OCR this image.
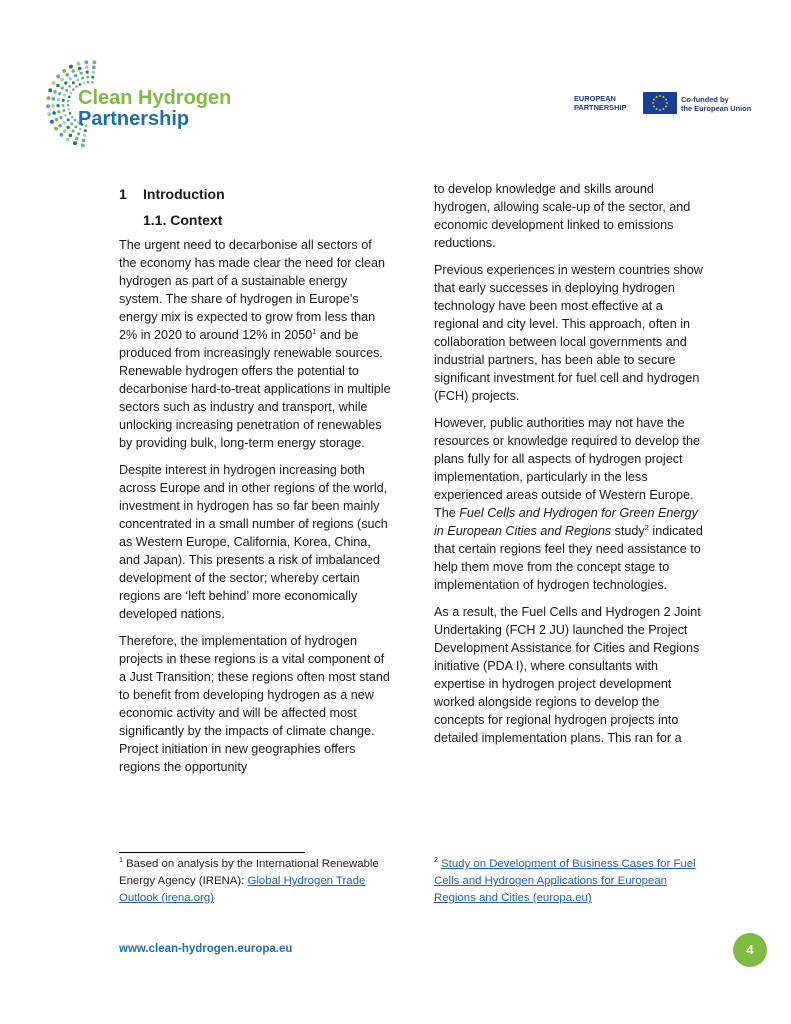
Clean Hydrogen
Partnership
EUROPEAN
PARTNERSHIP
Co-funded by
the European Union
1 Introduction
1.1. Context

The urgent need to decarbonise all sectors of the economy has made clear the need for clean hydrogen as part of a sustainable energy system. The share of hydrogen in Europe’s energy mix is expected to grow from less than 2% in 2020 to around 12% in 2050$^1$ and be produced from increasingly renewable sources. Renewable hydrogen offers the potential to decarbonise hard-to-treat applications in multiple sectors such as industry and transport, while unlocking increasing penetration of renewables by providing bulk, long-term energy storage.

Despite interest in hydrogen increasing both across Europe and in other regions of the world, investment in hydrogen has so far been mainly concentrated in a small number of regions (such as Western Europe, California, Korea, China, and Japan). This presents a risk of imbalanced development of the sector; whereby certain regions are ‘left behind’ more economically developed nations.

Therefore, the implementation of hydrogen projects in these regions is a vital component of a Just Transition; these regions often most stand to benefit from developing hydrogen as a new economic activity and will be affected most significantly by the impacts of climate change. Project initiation in new geographies offers regions the opportunity

to develop knowledge and skills around hydrogen, allowing scale-up of the sector, and economic development linked to emissions reductions.

Previous experiences in western countries show that early successes in deploying hydrogen technology have been most effective at a regional and city level. This approach, often in collaboration between local governments and industrial partners, has been able to secure significant investment for fuel cell and hydrogen (FCH) projects.

However, public authorities may not have the resources or knowledge required to develop the plans fully for all aspects of hydrogen project implementation, particularly in the less experienced areas outside of Western Europe. The Fuel Cells and Hydrogen for Green Energy in European Cities and Regions study$^2$ indicated that certain regions feel they need assistance to help them move from the concept stage to implementation of hydrogen technologies.

As a result, the Fuel Cells and Hydrogen 2 Joint Undertaking (FCH 2 JU) launched the Project Development Assistance for Cities and Regions initiative (PDA I), where consultants with expertise in hydrogen project development worked alongside regions to develop the concepts for regional hydrogen projects into detailed implementation plans. This ran for a

$^1$ Based on analysis by the International Renewable Energy Agency (IRENA): Global Hydrogen Trade Outlook (irena.org)
$^2$ Study on Development of Business Cases for Fuel Cells and Hydrogen Applications for European Regions and Cities (europa.eu)
www.clean-hydrogen.europa.eu	4
